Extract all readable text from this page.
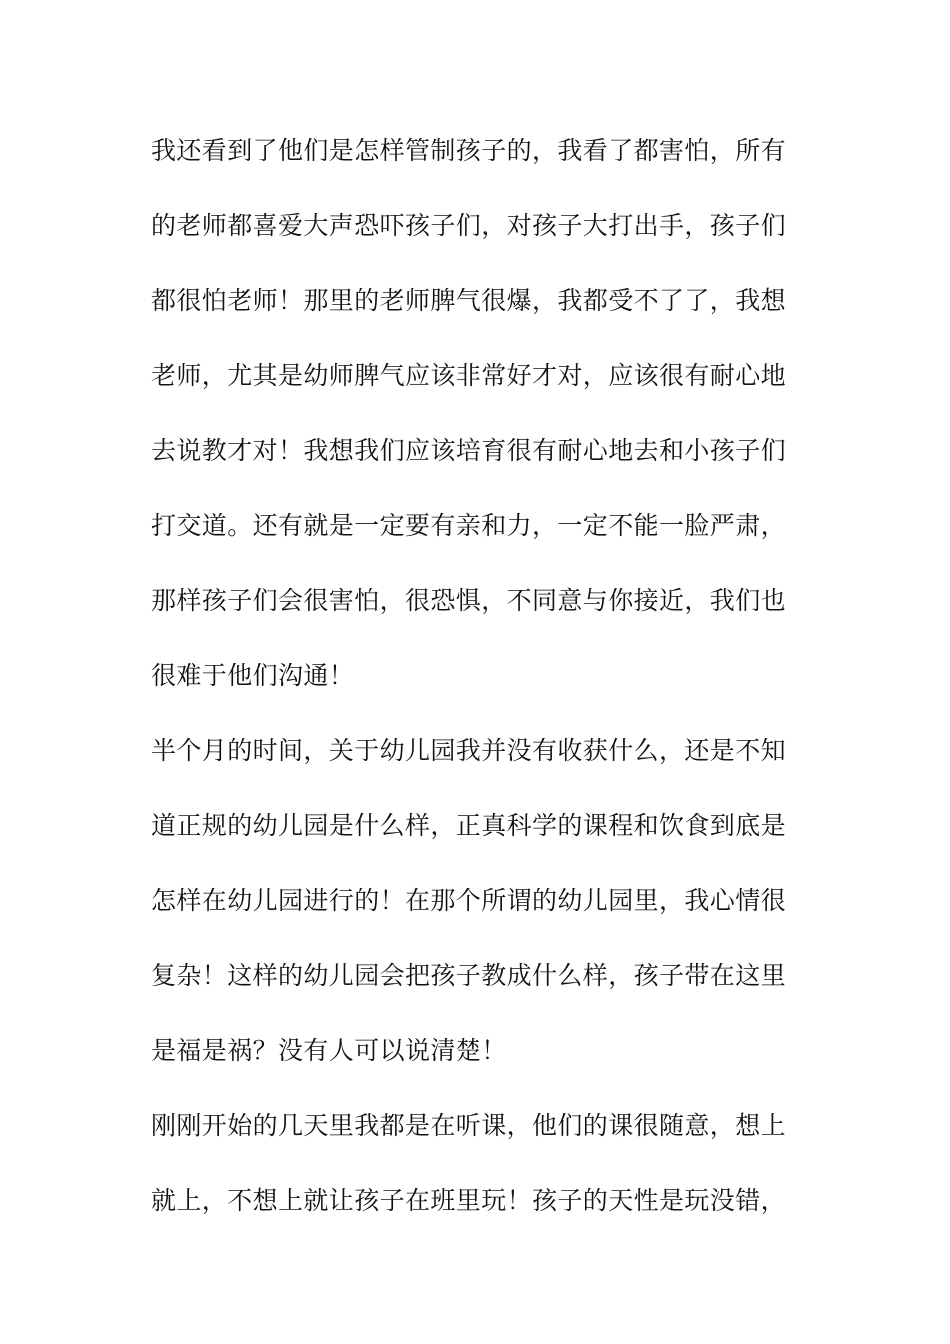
我还看到了他们是怎样管制孩子的，我看了都害怕，所有
的老师都喜爱大声恐吓孩子们，对孩子大打出手，孩子们
都很怕老师！那里的老师脾气很爆，我都受不了了，我想
老师，尤其是幼师脾气应该非常好才对，应该很有耐心地
去说教才对！我想我们应该培育很有耐心地去和小孩子们
打交道。还有就是一定要有亲和力，一定不能一脸严肃，
那样孩子们会很害怕，很恐惧，不同意与你接近，我们也
很难于他们沟通！
半个月的时间，关于幼儿园我并没有收获什么，还是不知
道正规的幼儿园是什么样，正真科学的课程和饮食到底是
怎样在幼儿园进行的！在那个所谓的幼儿园里，我心情很
复杂！这样的幼儿园会把孩子教成什么样，孩子带在这里
是福是祸？没有人可以说清楚！
刚刚开始的几天里我都是在听课，他们的课很随意，想上
就上，不想上就让孩子在班里玩！孩子的天性是玩没错，
